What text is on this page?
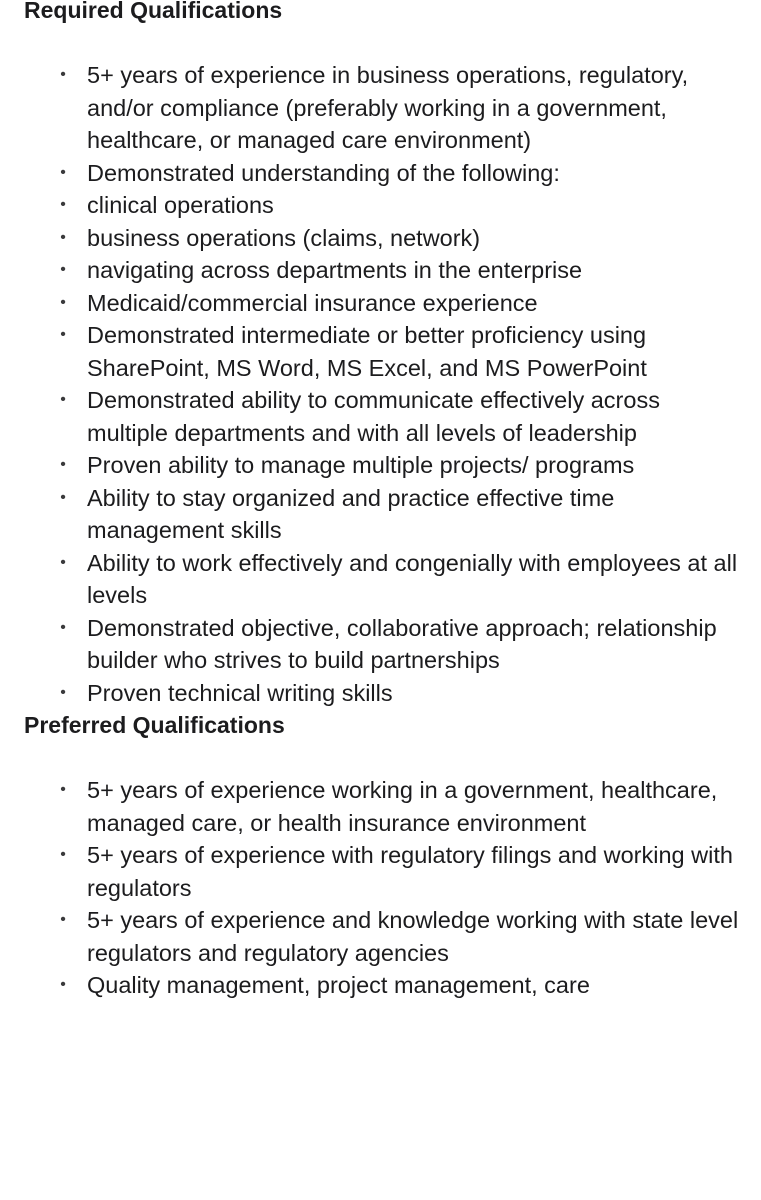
Required Qualifications
• 5+ years of experience in business operations, regulatory, and/or compliance (preferably working in a government, healthcare, or managed care environment)
• Demonstrated understanding of the following:
• clinical operations
• business operations (claims, network)
• navigating across departments in the enterprise
• Medicaid/commercial insurance experience
• Demonstrated intermediate or better proficiency using SharePoint, MS Word, MS Excel, and MS PowerPoint
• Demonstrated ability to communicate effectively across multiple departments and with all levels of leadership
• Proven ability to manage multiple projects/ programs
• Ability to stay organized and practice effective time management skills
• Ability to work effectively and congenially with employees at all levels
• Demonstrated objective, collaborative approach; relationship builder who strives to build partnerships
• Proven technical writing skills
Preferred Qualifications
• 5+ years of experience working in a government, healthcare, managed care, or health insurance environment
• 5+ years of experience with regulatory filings and working with regulators
• 5+ years of experience and knowledge working with state level regulators and regulatory agencies
• Quality management, project management, care
